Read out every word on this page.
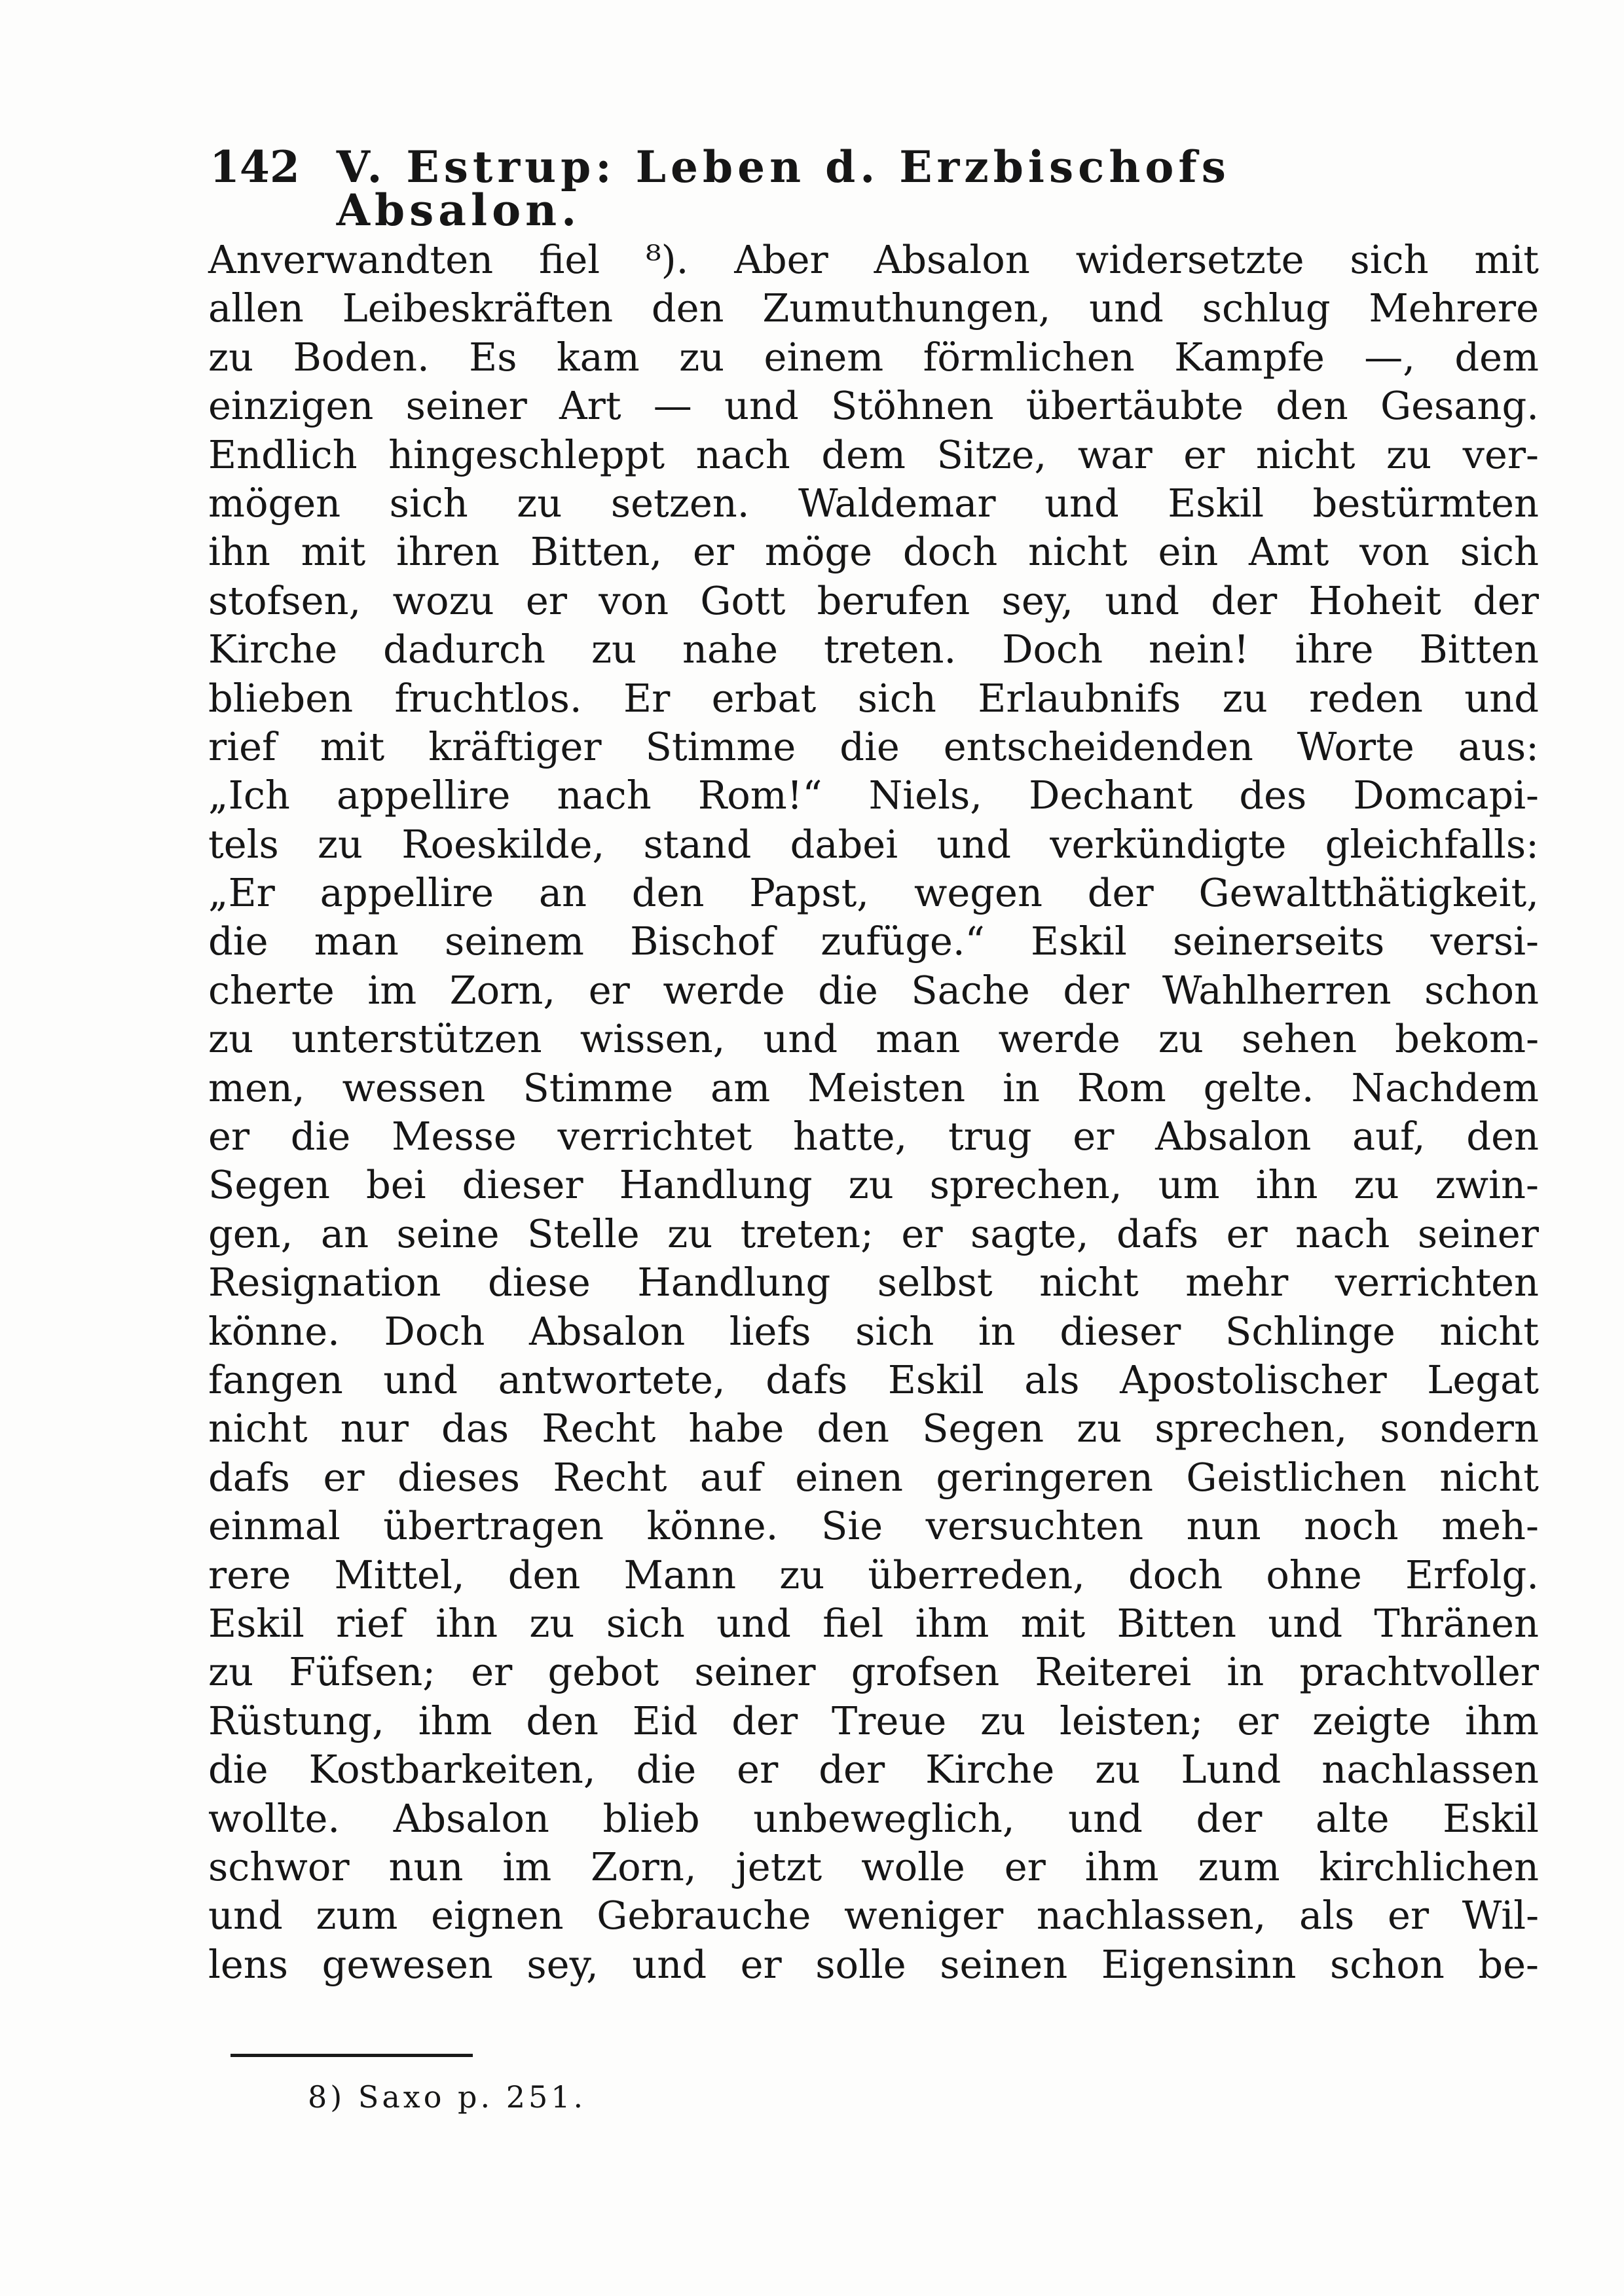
142 V. Estrup: Leben d. Erzbischofs Absalon.
Anverwandten fiel ⁸). Aber Absalon widersetzte sich mit
allen Leibeskräften den Zumuthungen, und schlug Mehrere
zu Boden. Es kam zu einem förmlichen Kampfe —, dem
einzigen seiner Art — und Stöhnen übertäubte den Gesang.
Endlich hingeschleppt nach dem Sitze, war er nicht zu ver-
mögen sich zu setzen. Waldemar und Eskil bestürmten
ihn mit ihren Bitten, er möge doch nicht ein Amt von sich
stofsen, wozu er von Gott berufen sey, und der Hoheit der
Kirche dadurch zu nahe treten. Doch nein! ihre Bitten
blieben fruchtlos. Er erbat sich Erlaubnifs zu reden und
rief mit kräftiger Stimme die entscheidenden Worte aus:
„Ich appellire nach Rom!“ Niels, Dechant des Domcapi-
tels zu Roeskilde, stand dabei und verkündigte gleichfalls:
„Er appellire an den Papst, wegen der Gewaltthätigkeit,
die man seinem Bischof zufüge.“ Eskil seinerseits versi-
cherte im Zorn, er werde die Sache der Wahlherren schon
zu unterstützen wissen, und man werde zu sehen bekom-
men, wessen Stimme am Meisten in Rom gelte. Nachdem
er die Messe verrichtet hatte, trug er Absalon auf, den
Segen bei dieser Handlung zu sprechen, um ihn zu zwin-
gen, an seine Stelle zu treten; er sagte, dafs er nach seiner
Resignation diese Handlung selbst nicht mehr verrichten
könne. Doch Absalon liefs sich in dieser Schlinge nicht
fangen und antwortete, dafs Eskil als Apostolischer Legat
nicht nur das Recht habe den Segen zu sprechen, sondern
dafs er dieses Recht auf einen geringeren Geistlichen nicht
einmal übertragen könne. Sie versuchten nun noch meh-
rere Mittel, den Mann zu überreden, doch ohne Erfolg.
Eskil rief ihn zu sich und fiel ihm mit Bitten und Thränen
zu Füfsen; er gebot seiner grofsen Reiterei in prachtvoller
Rüstung, ihm den Eid der Treue zu leisten; er zeigte ihm
die Kostbarkeiten, die er der Kirche zu Lund nachlassen
wollte. Absalon blieb unbeweglich, und der alte Eskil
schwor nun im Zorn, jetzt wolle er ihm zum kirchlichen
und zum eignen Gebrauche weniger nachlassen, als er Wil-
lens gewesen sey, und er solle seinen Eigensinn schon be-
8) Saxo p. 251.
